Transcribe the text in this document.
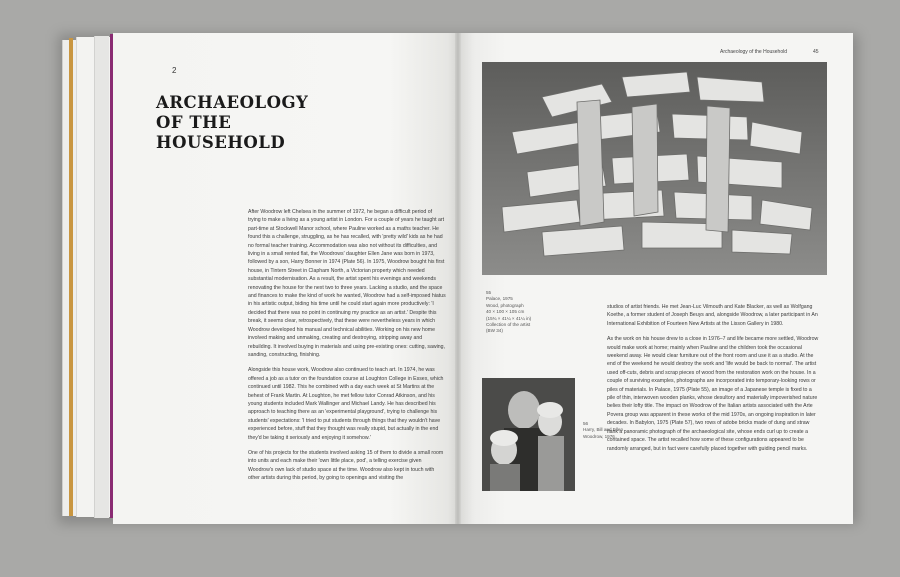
2
ARCHAEOLOGY
OF THE
HOUSEHOLD

After Woodrow left Chelsea in the summer of 1972, he began a difficult period of trying to make a living as a young artist in London. For a couple of years he taught art part-time at Stockwell Manor school, where Pauline worked as a maths teacher. He found this a challenge, struggling, as he has recalled, with 'pretty wild' kids as he had no formal teacher training. Accommodation was also not without its difficulties, and living in a small rented flat, the Woodrows' daughter Ellen Jane was born in 1973, followed by a son, Harry Bonner in 1974 (Plate 56). In 1975, Woodrow bought his first house, in Tintern Street in Clapham North, a Victorian property which needed substantial modernisation. As a result, the artist spent his evenings and weekends renovating the house for the next two to three years. Lacking a studio, and the space and finances to make the kind of work he wanted, Woodrow had a self-imposed hiatus in his artistic output, biding his time until he could start again more productively: 'I decided that there was no point in continuing my practice as an artist.' Despite this break, it seems clear, retrospectively, that these were nevertheless years in which Woodrow developed his manual and technical abilities. Working on his new home involved making and unmaking, creating and destroying, stripping away and rebuilding. It involved buying in materials and using pre-existing ones: cutting, sawing, sanding, constructing, finishing.

Alongside this house work, Woodrow also continued to teach art. In 1974, he was offered a job as a tutor on the foundation course at Loughton College in Essex, which continued until 1982. This he combined with a day each week at St Martins at the behest of Frank Martin. At Loughton, he met fellow tutor Conrad Atkinson, and his young students included Mark Wallinger and Michael Landy. He has described his approach to teaching there as an 'experimental playground', trying to challenge his students' expectations: 'I tried to put students through things that they wouldn't have experienced before, stuff that they thought was really stupid, but actually in the end they'd be taking it seriously and enjoying it somehow.'

One of his projects for the students involved asking 15 of them to divide a small room into units and each make their 'own little place, pod', a telling exercise given Woodrow's own lack of studio space at the time. Woodrow also kept in touch with other artists during this period, by going to openings and visiting the

Archaeology of the Household	45
55
Palace, 1975
Wood, photograph
40 × 100 × 105 cm
(15¾ × 41¼ × 41¼ in)
Collection of the artist
(BW 34)
56
Harry, Bill and Ellen
Woodrow, 1976

studios of artist friends. He met Jean-Luc Vilmouth and Kate Blacker, as well as Wolfgang Koethe, a former student of Joseph Beuys and, alongside Woodrow, a later participant in An International Exhibition of Fourteen New Artists at the Lisson Gallery in 1980.

As the work on his house drew to a close in 1976–7 and life became more settled, Woodrow would make work at home; mainly when Pauline and the children took the occasional weekend away. He would clear furniture out of the front room and use it as a studio. At the end of the weekend he would destroy the work and 'life would be back to normal'. The artist used off-cuts, debris and scrap pieces of wood from the restoration work on the house. In a couple of surviving examples, photographs are incorporated into temporary-looking rows or piles of materials. In Palace, 1975 (Plate 55), an image of a Japanese temple is fixed to a pile of thin, interwoven wooden planks, whose desultory and materially impoverished nature belies their lofty title. The impact on Woodrow of the Italian artists associated with the Arte Povera group was apparent in these works of the mid 1970s, an ongoing inspiration in later decades. In Babylon, 1975 (Plate 57), two rows of adobe bricks made of dung and straw flank a panoramic photograph of the archaeological site, whose ends curl up to create a contained space. The artist recalled how some of these configurations appeared to be randomly arranged, but in fact were carefully placed together with guiding pencil marks.
